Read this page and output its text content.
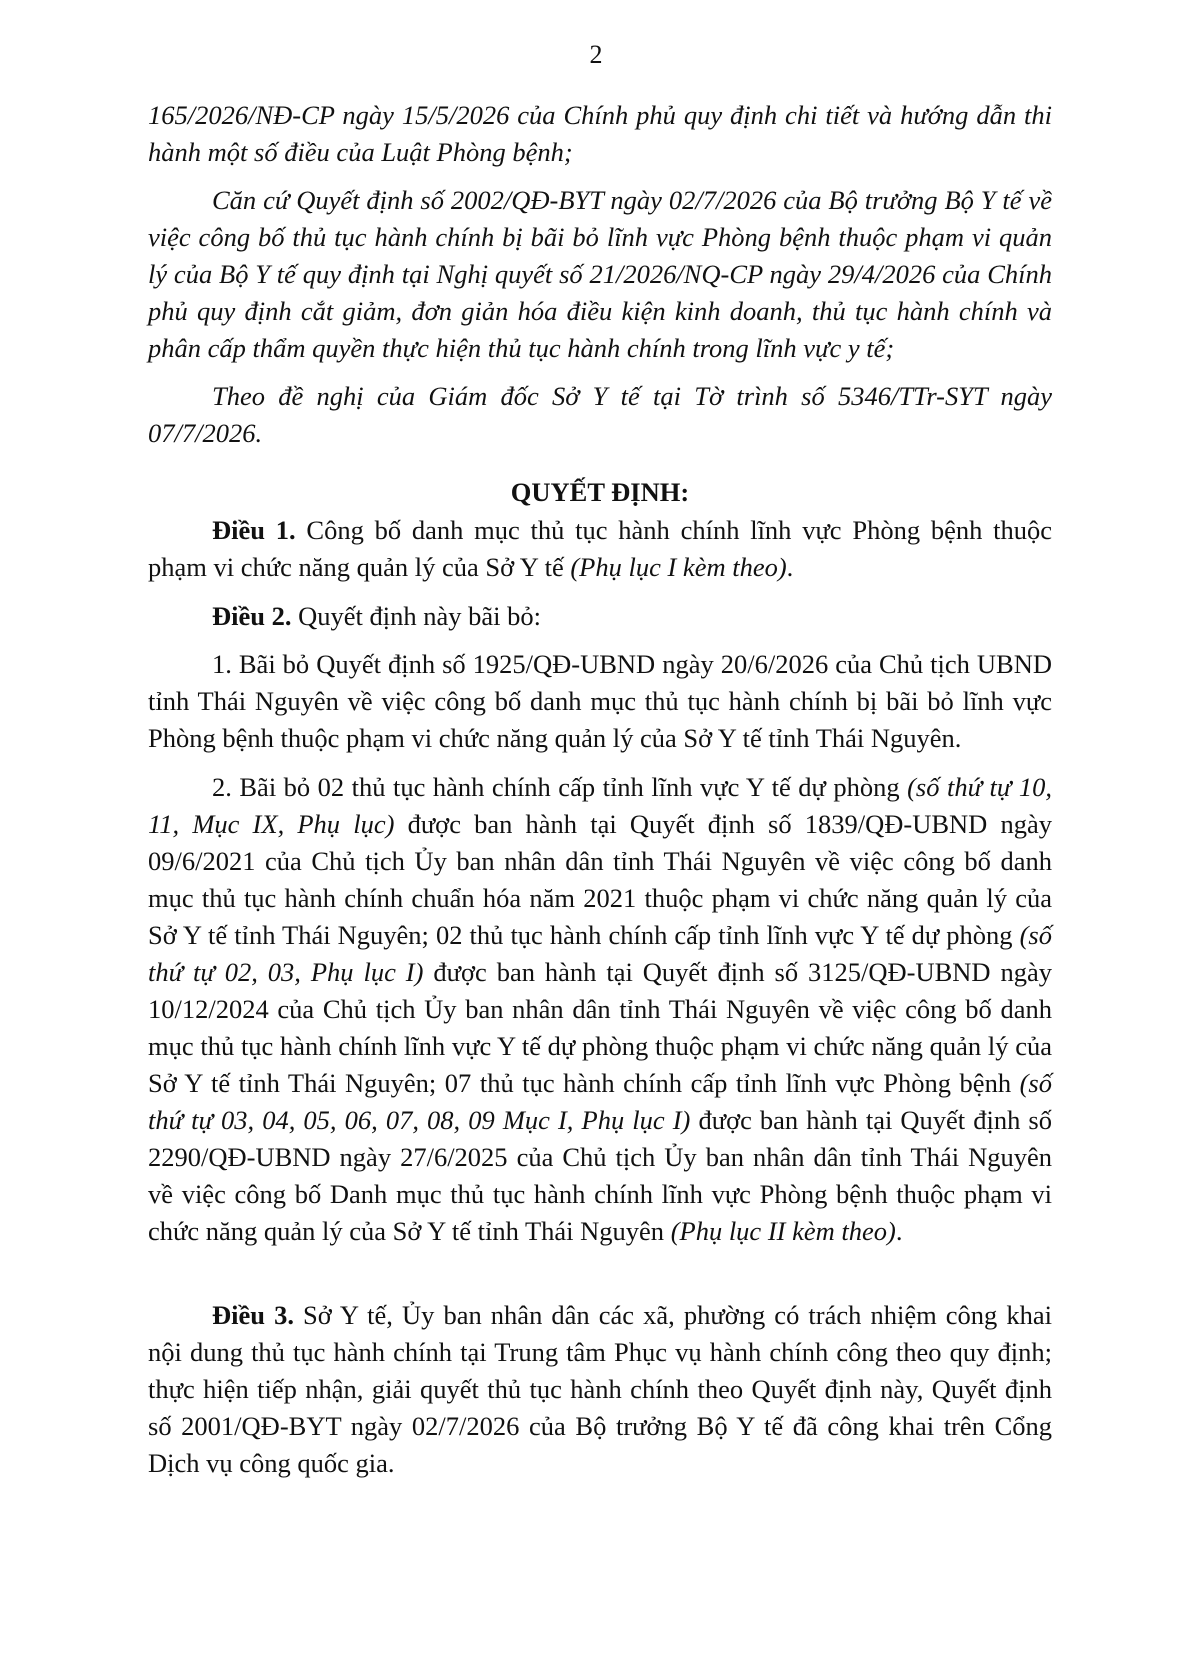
2

165/2026/NĐ-CP ngày 15/5/2026 của Chính phủ quy định chi tiết và hướng dẫn thi hành một số điều của Luật Phòng bệnh;

Căn cứ Quyết định số 2002/QĐ-BYT ngày 02/7/2026 của Bộ trưởng Bộ Y tế về việc công bố thủ tục hành chính bị bãi bỏ lĩnh vực Phòng bệnh thuộc phạm vi quản lý của Bộ Y tế quy định tại Nghị quyết số 21/2026/NQ-CP ngày 29/4/2026 của Chính phủ quy định cắt giảm, đơn giản hóa điều kiện kinh doanh, thủ tục hành chính và phân cấp thẩm quyền thực hiện thủ tục hành chính trong lĩnh vực y tế;

Theo đề nghị của Giám đốc Sở Y tế tại Tờ trình số 5346/TTr-SYT ngày 07/7/2026.

QUYẾT ĐỊNH:

Điều 1. Công bố danh mục thủ tục hành chính lĩnh vực Phòng bệnh thuộc phạm vi chức năng quản lý của Sở Y tế (Phụ lục I kèm theo).

Điều 2. Quyết định này bãi bỏ:

1. Bãi bỏ Quyết định số 1925/QĐ-UBND ngày 20/6/2026 của Chủ tịch UBND tỉnh Thái Nguyên về việc công bố danh mục thủ tục hành chính bị bãi bỏ lĩnh vực Phòng bệnh thuộc phạm vi chức năng quản lý của Sở Y tế tỉnh Thái Nguyên.

2. Bãi bỏ 02 thủ tục hành chính cấp tỉnh lĩnh vực Y tế dự phòng (số thứ tự 10, 11, Mục IX, Phụ lục) được ban hành tại Quyết định số 1839/QĐ-UBND ngày 09/6/2021 của Chủ tịch Ủy ban nhân dân tỉnh Thái Nguyên về việc công bố danh mục thủ tục hành chính chuẩn hóa năm 2021 thuộc phạm vi chức năng quản lý của Sở Y tế tỉnh Thái Nguyên; 02 thủ tục hành chính cấp tỉnh lĩnh vực Y tế dự phòng (số thứ tự 02, 03, Phụ lục I) được ban hành tại Quyết định số 3125/QĐ-UBND ngày 10/12/2024 của Chủ tịch Ủy ban nhân dân tỉnh Thái Nguyên về việc công bố danh mục thủ tục hành chính lĩnh vực Y tế dự phòng thuộc phạm vi chức năng quản lý của Sở Y tế tỉnh Thái Nguyên; 07 thủ tục hành chính cấp tỉnh lĩnh vực Phòng bệnh (số thứ tự 03, 04, 05, 06, 07, 08, 09 Mục I, Phụ lục I) được ban hành tại Quyết định số 2290/QĐ-UBND ngày 27/6/2025 của Chủ tịch Ủy ban nhân dân tỉnh Thái Nguyên về việc công bố Danh mục thủ tục hành chính lĩnh vực Phòng bệnh thuộc phạm vi chức năng quản lý của Sở Y tế tỉnh Thái Nguyên (Phụ lục II kèm theo).

Điều 3. Sở Y tế, Ủy ban nhân dân các xã, phường có trách nhiệm công khai nội dung thủ tục hành chính tại Trung tâm Phục vụ hành chính công theo quy định; thực hiện tiếp nhận, giải quyết thủ tục hành chính theo Quyết định này, Quyết định số 2001/QĐ-BYT ngày 02/7/2026 của Bộ trưởng Bộ Y tế đã công khai trên Cổng Dịch vụ công quốc gia.
